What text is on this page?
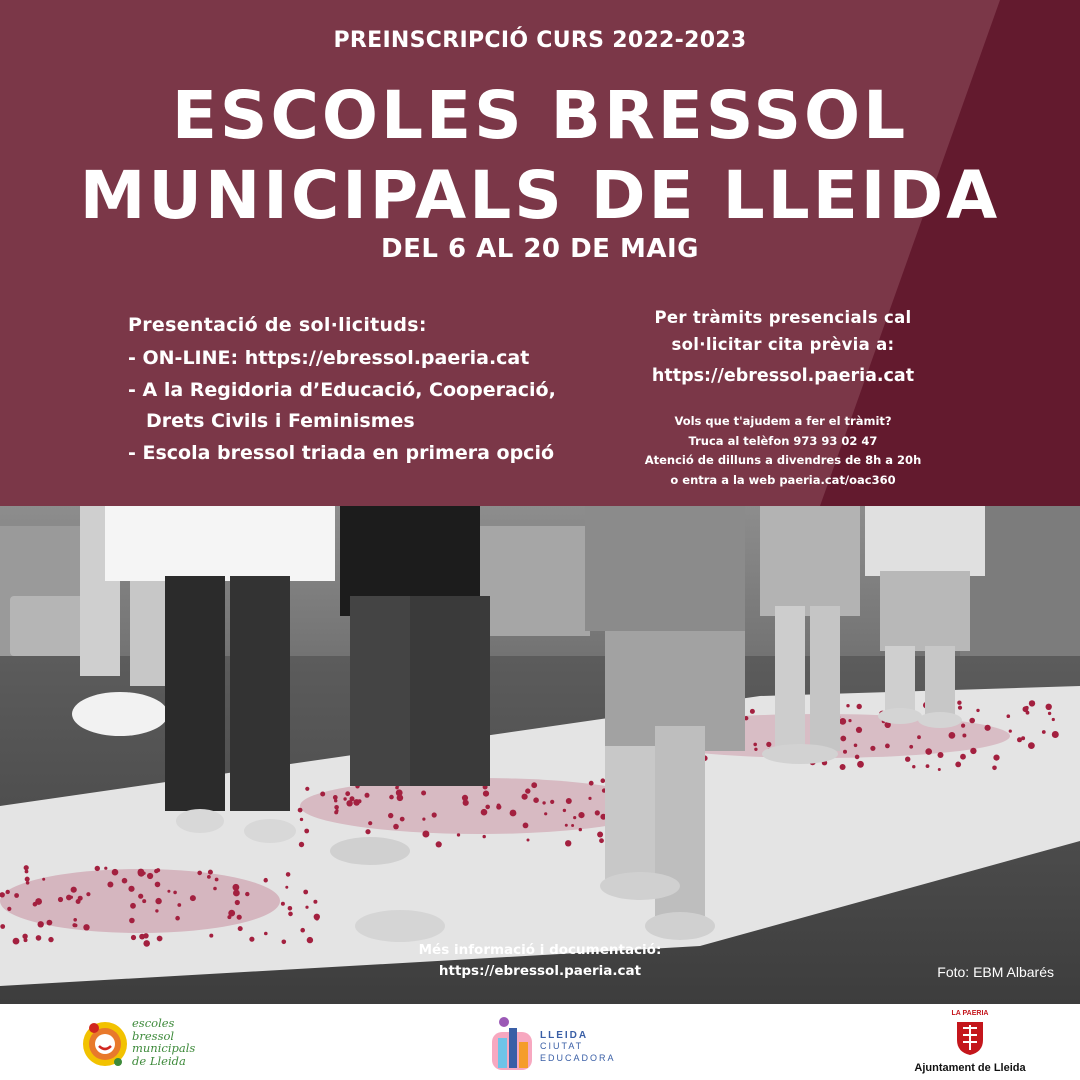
PREINSCRIPCIÓ CURS 2022-2023
ESCOLES BRESSOL
MUNICIPALS DE LLEIDA
DEL 6 AL 20 DE MAIG
Presentació de sol·licituds:
- ON-LINE: https://ebressol.paeria.cat
- A la Regidoria d’Educació, Cooperació,
Drets Civils i Feminismes
- Escola bressol triada en primera opció
Per tràmits presencials cal
sol·licitar cita prèvia a:
https://ebressol.paeria.cat
Vols que t'ajudem a fer el tràmit?
Truca al telèfon 973 93 02 47
Atenció de dilluns a divendres de 8h a 20h
o entra a la web paeria.cat/oac360
Més informació i documentació:
https://ebressol.paeria.cat	Foto: EBM Albarés
escoles
bressol
municipals
de Lleida
LLEIDA
CIUTAT
EDUCADORA
LA PAERIA
Ajuntament de Lleida
